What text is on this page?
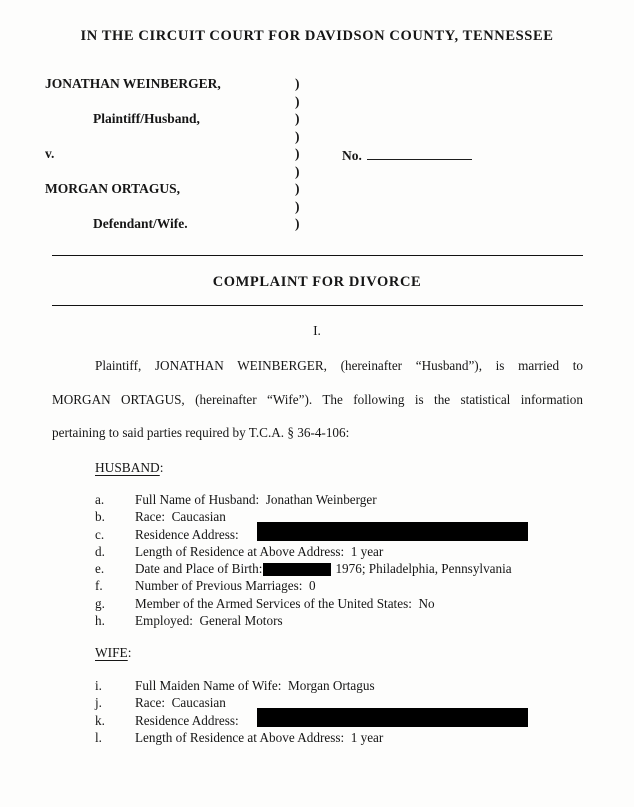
IN THE CIRCUIT COURT FOR DAVIDSON COUNTY, TENNESSEE
JONATHAN WEINBERGER,	)
)
Plaintiff/Husband,	)
)
v.	)	No.
)
MORGAN ORTAGUS,	)
)
Defendant/Wife.	)
COMPLAINT FOR DIVORCE
I.
Plaintiff, JONATHAN WEINBERGER, (hereinafter “Husband”), is married to
MORGAN ORTAGUS, (hereinafter “Wife”). The following is the statistical information
pertaining to said parties required by T.C.A. § 36-4-106:
HUSBAND:
a. Full Name of Husband:  Jonathan Weinberger
b. Race:  Caucasian
c. Residence Address:
d. Length of Residence at Above Address:  1 year
e. Date and Place of Birth:	1976; Philadelphia, Pennsylvania
f. Number of Previous Marriages:  0
g. Member of the Armed Services of the United States:  No
h. Employed:  General Motors
WIFE:
i.	Full Maiden Name of Wife:  Morgan Ortagus
j.	Race:  Caucasian
k. Residence Address:
l.	Length of Residence at Above Address:  1 year
